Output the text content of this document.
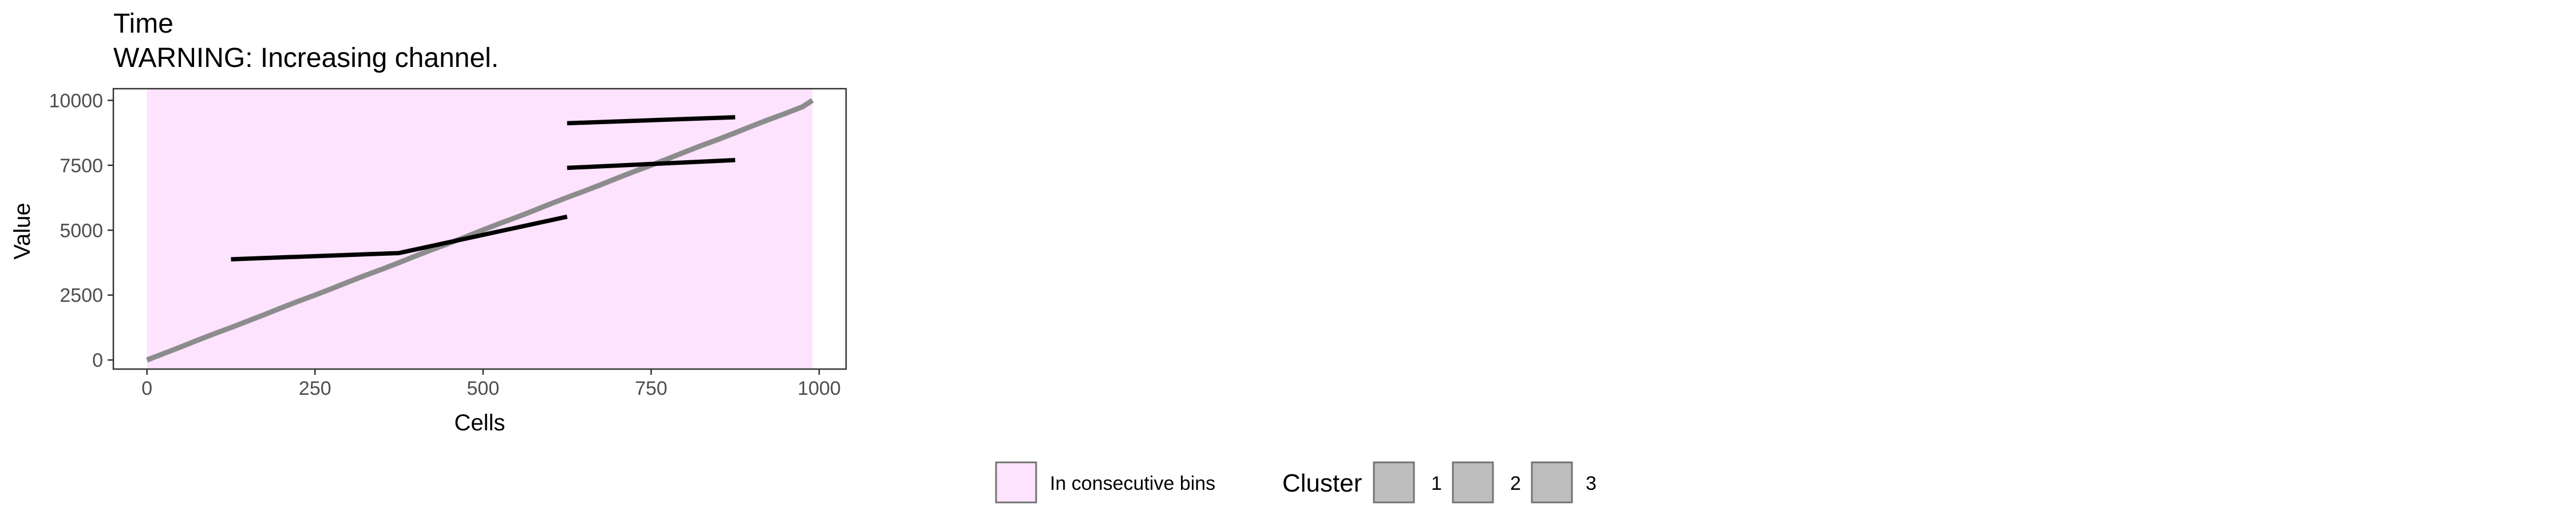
Time
WARNING: Increasing channel.
0	250	500	750	1000
0
2500
5000
7500
10000
Cells
Value
In consecutive bins	Cluster	1	2	3
